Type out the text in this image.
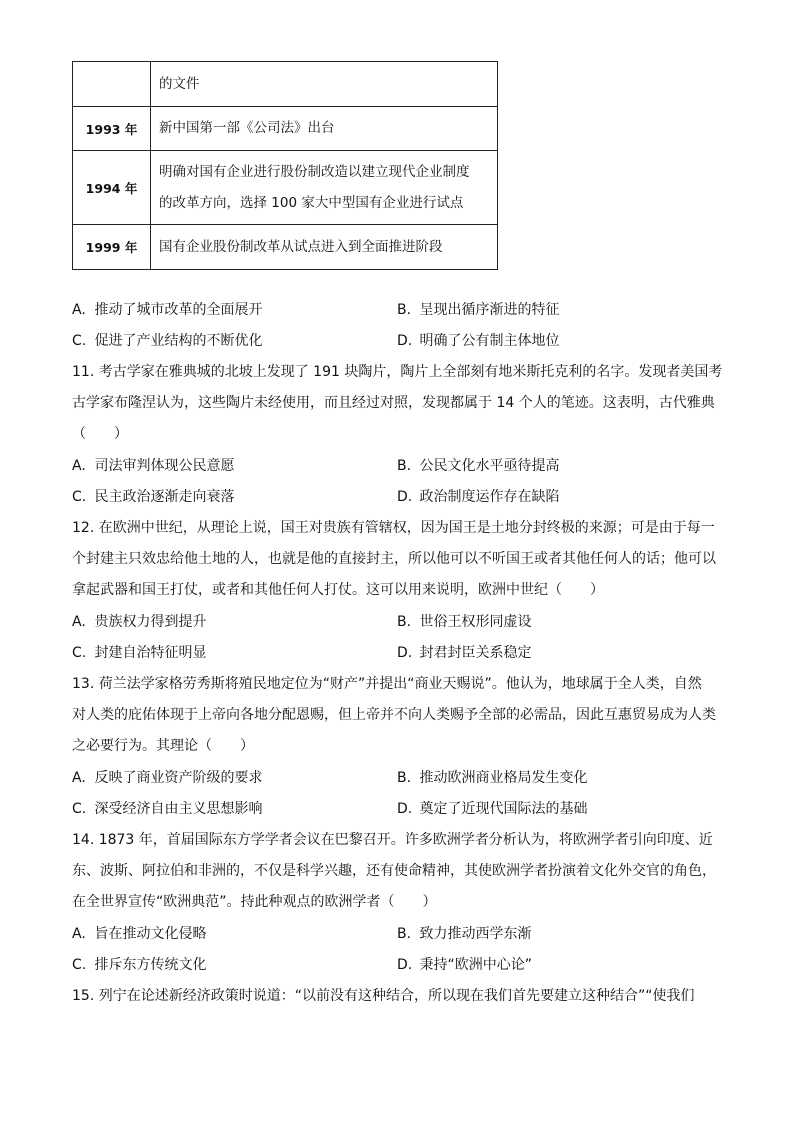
	的文件

1993 年	新中国第一部《公司法》出台

1994 年	明确对国有企业进行股份制改造以建立现代企业制度
的改革方向，选择 100 家大中型国有企业进行试点

1999 年	国有企业股份制改革从试点进入到全面推进阶段
A. 推动了城市改革的全面展开	B. 呈现出循序渐进的特征
C. 促进了产业结构的不断优化	D. 明确了公有制主体地位
11. 考古学家在雅典城的北坡上发现了 191 块陶片，陶片上全部刻有地米斯托克利的名字。发现者美国考
古学家布隆涅认为，这些陶片未经使用，而且经过对照，发现都属于 14 个人的笔迹。这表明，古代雅典
（　　）
A. 司法审判体现公民意愿	B. 公民文化水平亟待提高
C. 民主政治逐渐走向衰落	D. 政治制度运作存在缺陷
12. 在欧洲中世纪，从理论上说，国王对贵族有管辖权，因为国王是土地分封终极的来源；可是由于每一
个封建主只效忠给他土地的人，也就是他的直接封主，所以他可以不听国王或者其他任何人的话；他可以
拿起武器和国王打仗，或者和其他任何人打仗。这可以用来说明，欧洲中世纪（　　）
A. 贵族权力得到提升	B. 世俗王权形同虚设
C. 封建自治特征明显	D. 封君封臣关系稳定
13. 荷兰法学家格劳秀斯将殖民地定位为“财产”并提出“商业天赐说”。他认为，地球属于全人类，自然
对人类的庇佑体现于上帝向各地分配恩赐，但上帝并不向人类赐予全部的必需品，因此互惠贸易成为人类
之必要行为。其理论（　　）
A. 反映了商业资产阶级的要求	B. 推动欧洲商业格局发生变化
C. 深受经济自由主义思想影响	D. 奠定了近现代国际法的基础
14. 1873 年，首届国际东方学学者会议在巴黎召开。许多欧洲学者分析认为，将欧洲学者引向印度、近
东、波斯、阿拉伯和非洲的，不仅是科学兴趣，还有使命精神，其使欧洲学者扮演着文化外交官的角色，
在全世界宣传“欧洲典范”。持此种观点的欧洲学者（　　）
A. 旨在推动文化侵略	B. 致力推动西学东渐
C. 排斥东方传统文化	D. 秉持“欧洲中心论”
15. 列宁在论述新经济政策时说道：“以前没有这种结合，所以现在我们首先要建立这种结合”“使我们
